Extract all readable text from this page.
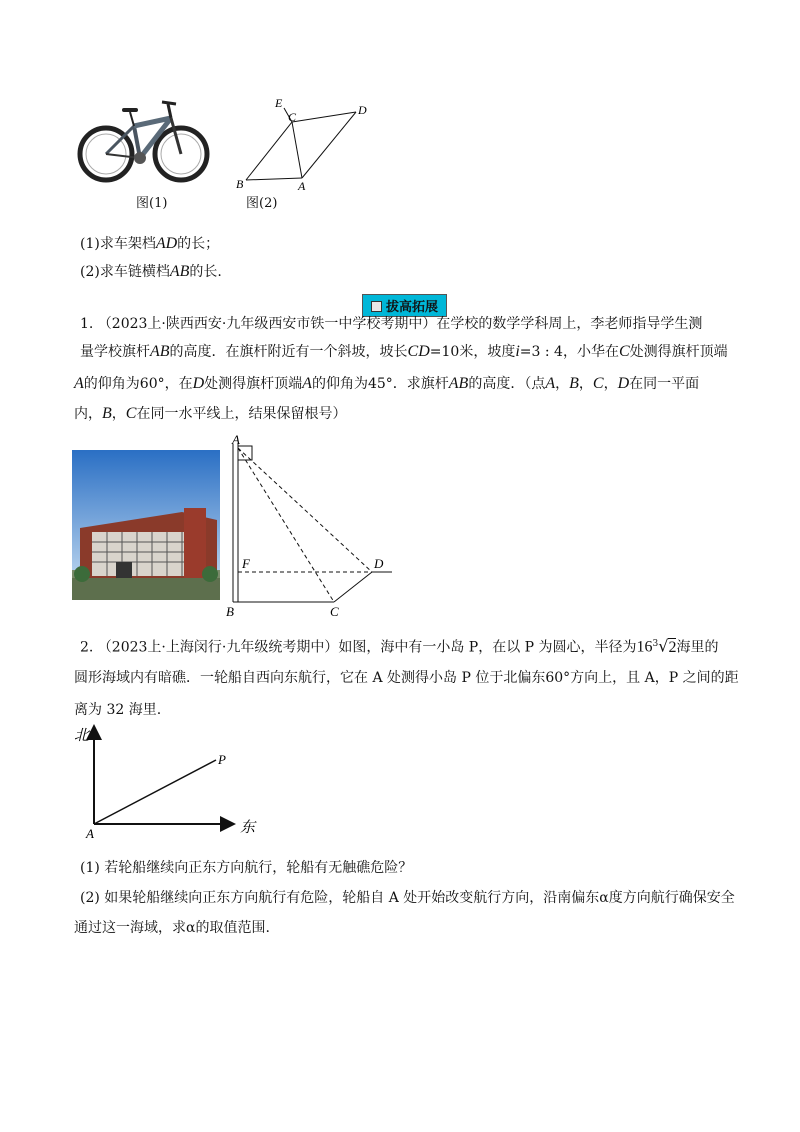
图(1)
E
C	D
B	A
图(2)
(1)求车架档AD的长；
(2)求车链横档AB的长.
拔高拓展
1. （2023上·陕西西安·九年级西安市铁一中学校考期中）在学校的数学学科周上，李老师指导学生测
量学校旗杆AB的高度．在旗杆附近有一个斜坡，坡长CD=10米，坡度i=3 : 4，小华在C处测得旗杆顶端
A的仰角为60°，在D处测得旗杆顶端A的仰角为45°．求旗杆AB的高度．（点A，B，C，D在同一平面
内，B，C在同一水平线上，结果保留根号）
A
F	D
B	C
2. （2023上·上海闵行·九年级统考期中）如图，海中有一小岛 P，在以 P 为圆心，半径为$16^3√2$海里的
圆形海域内有暗礁．一轮船自西向东航行，它在 A 处测得小岛 P 位于北偏东60°方向上，且 A，P 之间的距
离为 32 海里.
北
东
P
A
(1) 若轮船继续向正东方向航行，轮船有无触礁危险？
(2) 如果轮船继续向正东方向航行有危险，轮船自 A 处开始改变航行方向，沿南偏东α度方向航行确保安全
通过这一海域，求α的取值范围.
